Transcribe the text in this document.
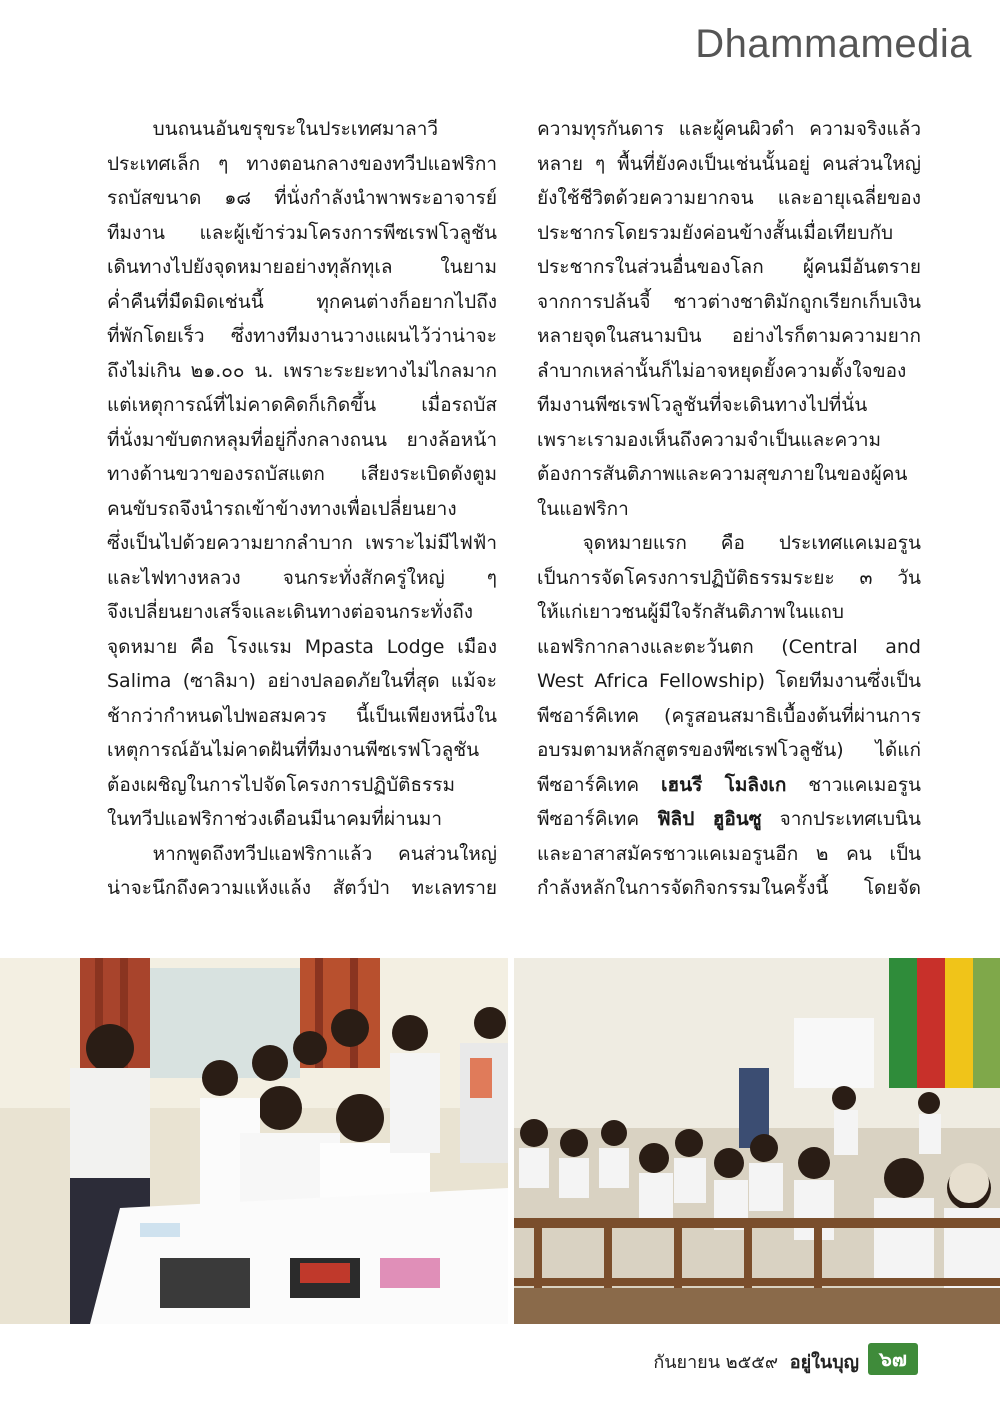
Dhammamedia

บนถนนอันขรุขระในประเทศมาลาวี

ประเทศเล็ก ๆ ทางตอนกลางของทวีปแอฟริกา

รถบัสขนาด ๑๘ ที่นั่งกำลังนำพาพระอาจารย์

ทีมงาน และผู้เข้าร่วมโครงการพีซเรฟโวลูชัน

เดินทางไปยังจุดหมายอย่างทุลักทุเล ในยาม

ค่ำคืนที่มืดมิดเช่นนี้ ทุกคนต่างก็อยากไปถึง

ที่พักโดยเร็ว ซึ่งทางทีมงานวางแผนไว้ว่าน่าจะ

ถึงไม่เกิน ๒๑.๐๐ น. เพราะระยะทางไม่ไกลมาก

แต่เหตุการณ์ที่ไม่คาดคิดก็เกิดขึ้น เมื่อรถบัส

ที่นั่งมาขับตกหลุมที่อยู่กึ่งกลางถนน ยางล้อหน้า

ทางด้านขวาของรถบัสแตก เสียงระเบิดดังตูม

คนขับรถจึงนำรถเข้าข้างทางเพื่อเปลี่ยนยาง

ซึ่งเป็นไปด้วยความยากลำบาก เพราะไม่มีไฟฟ้า

และไฟทางหลวง จนกระทั่งสักครู่ใหญ่ ๆ

จึงเปลี่ยนยางเสร็จและเดินทางต่อจนกระทั่งถึง

จุดหมาย คือ โรงแรม Mpasta Lodge เมือง

Salima (ซาลิมา) อย่างปลอดภัยในที่สุด แม้จะ

ช้ากว่ากำหนดไปพอสมควร นี้เป็นเพียงหนึ่งใน

เหตุการณ์อันไม่คาดฝันที่ทีมงานพีซเรฟโวลูชัน

ต้องเผชิญในการไปจัดโครงการปฏิบัติธรรม

ในทวีปแอฟริกาช่วงเดือนมีนาคมที่ผ่านมา

หากพูดถึงทวีปแอฟริกาแล้ว คนส่วนใหญ่

น่าจะนึกถึงความแห้งแล้ง สัตว์ป่า ทะเลทราย

ความทุรกันดาร และผู้คนผิวดำ ความจริงแล้ว

หลาย ๆ พื้นที่ยังคงเป็นเช่นนั้นอยู่ คนส่วนใหญ่

ยังใช้ชีวิตด้วยความยากจน และอายุเฉลี่ยของ

ประชากรโดยรวมยังค่อนข้างสั้นเมื่อเทียบกับ

ประชากรในส่วนอื่นของโลก ผู้คนมีอันตราย

จากการปล้นจี้ ชาวต่างชาติมักถูกเรียกเก็บเงิน

หลายจุดในสนามบิน อย่างไรก็ตามความยาก

ลำบากเหล่านั้นก็ไม่อาจหยุดยั้งความตั้งใจของ

ทีมงานพีซเรฟโวลูชันที่จะเดินทางไปที่นั่น

เพราะเรามองเห็นถึงความจำเป็นและความ

ต้องการสันติภาพและความสุขภายในของผู้คน

ในแอฟริกา

จุดหมายแรก คือ ประเทศแคเมอรูน

เป็นการจัดโครงการปฏิบัติธรรมระยะ ๓ วัน

ให้แก่เยาวชนผู้มีใจรักสันติภาพในแถบ

แอฟริกากลางและตะวันตก (Central and

West Africa Fellowship) โดยทีมงานซึ่งเป็น

พีซอาร์คิเทค (ครูสอนสมาธิเบื้องต้นที่ผ่านการ

อบรมตามหลักสูตรของพีซเรฟโวลูชัน) ได้แก่

พีซอาร์คิเทค เฮนรี โมลิงเก ชาวแคเมอรูน

พีซอาร์คิเทค ฟิลิป ฮูอินซู จากประเทศเบนิน

และอาสาสมัครชาวแคเมอรูนอีก ๒ คน เป็น

กำลังหลักในการจัดกิจกรรมในครั้งนี้ โดยจัด

กันยายน ๒๕๕๙ อยู่ในบุญ	๖๗
